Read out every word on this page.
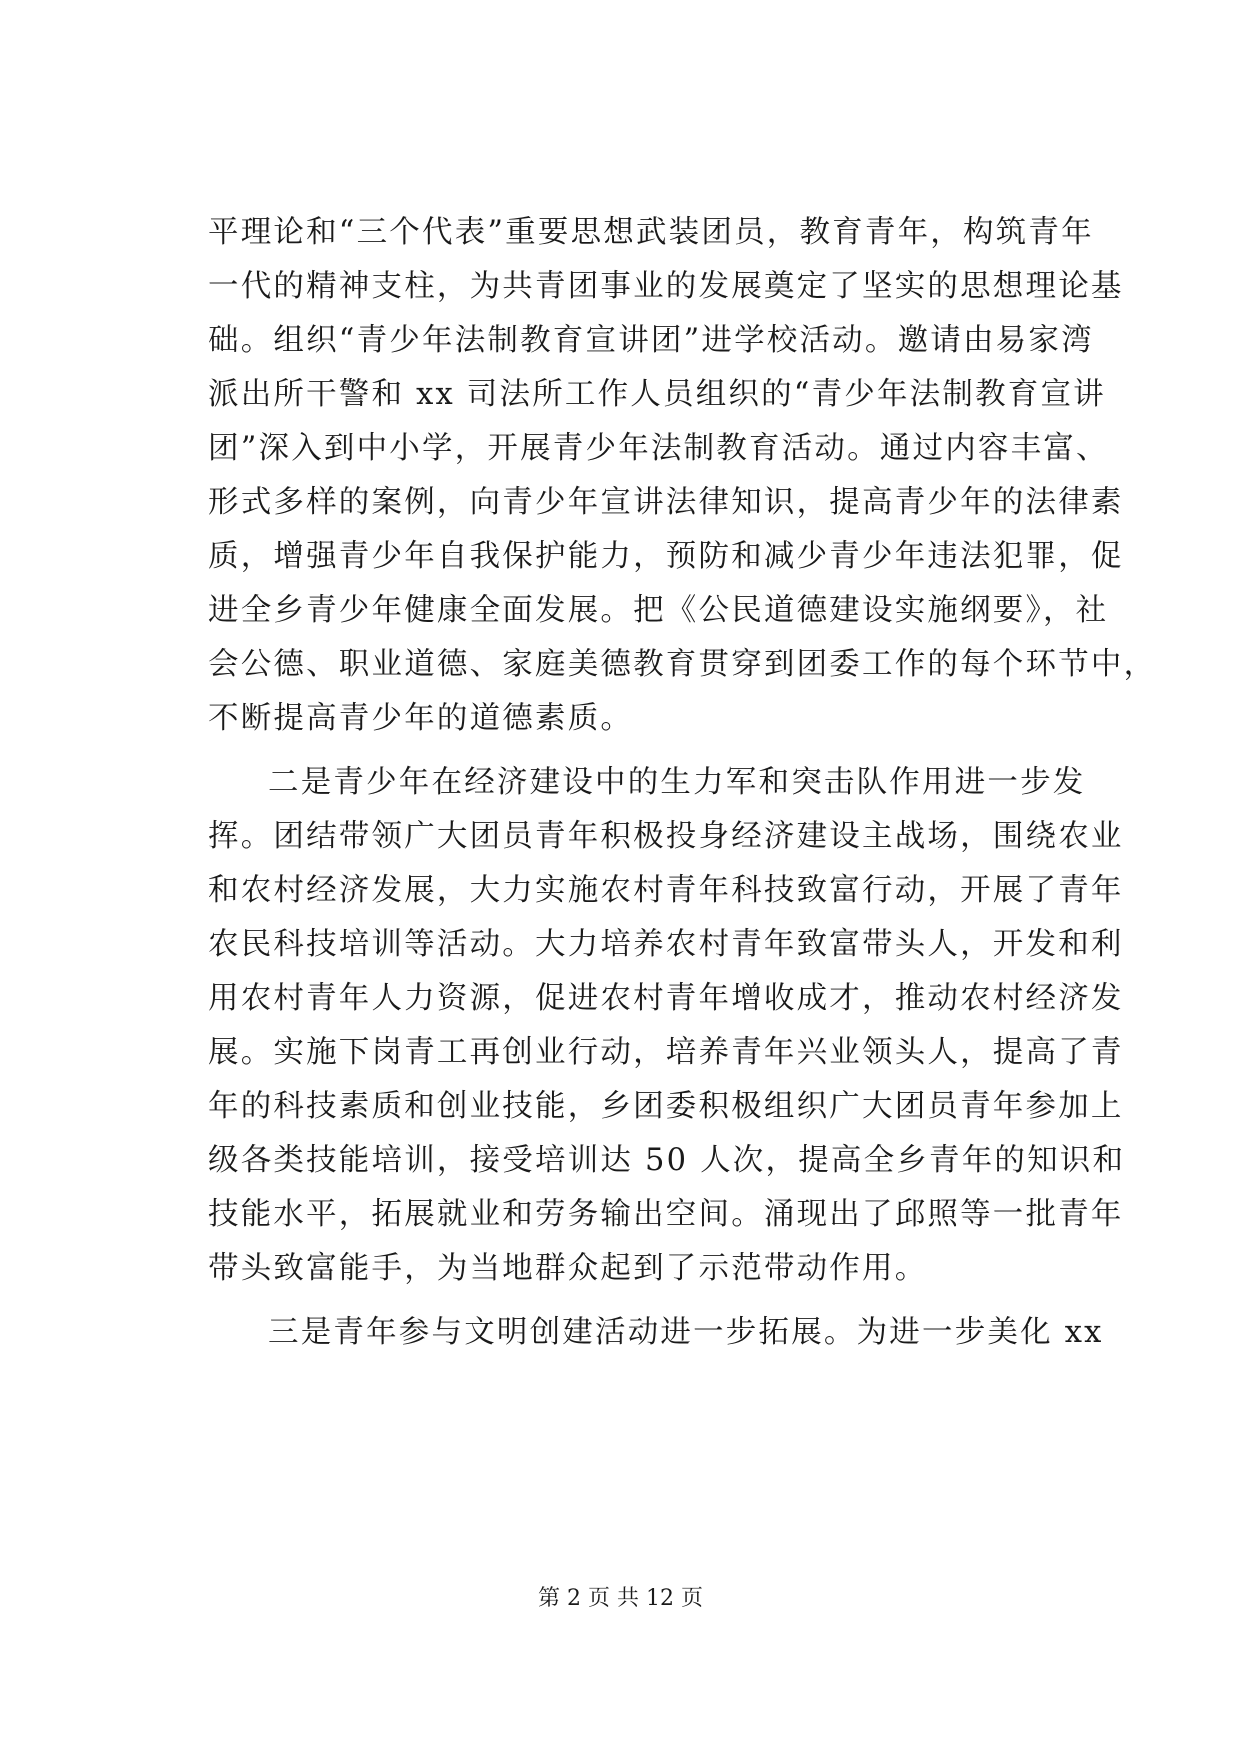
平理论和“三个代表”重要思想武装团员，教育青年，构筑青年
一代的精神支柱，为共青团事业的发展奠定了坚实的思想理论基
础。组织“青少年法制教育宣讲团”进学校活动。邀请由易家湾
派出所干警和 xx 司法所工作人员组织的“青少年法制教育宣讲
团”深入到中小学，开展青少年法制教育活动。通过内容丰富、
形式多样的案例，向青少年宣讲法律知识，提高青少年的法律素
质，增强青少年自我保护能力，预防和减少青少年违法犯罪，促
进全乡青少年健康全面发展。把《公民道德建设实施纲要》，社
会公德、职业道德、家庭美德教育贯穿到团委工作的每个环节中，
不断提高青少年的道德素质。
二是青少年在经济建设中的生力军和突击队作用进一步发
挥。团结带领广大团员青年积极投身经济建设主战场，围绕农业
和农村经济发展，大力实施农村青年科技致富行动，开展了青年
农民科技培训等活动。大力培养农村青年致富带头人，开发和利
用农村青年人力资源，促进农村青年增收成才，推动农村经济发
展。实施下岗青工再创业行动，培养青年兴业领头人，提高了青
年的科技素质和创业技能，乡团委积极组织广大团员青年参加上
级各类技能培训，接受培训达 50 人次，提高全乡青年的知识和
技能水平，拓展就业和劳务输出空间。涌现出了邱照等一批青年
带头致富能手，为当地群众起到了示范带动作用。
三是青年参与文明创建活动进一步拓展。为进一步美化 xx
第 2 页 共 12 页
